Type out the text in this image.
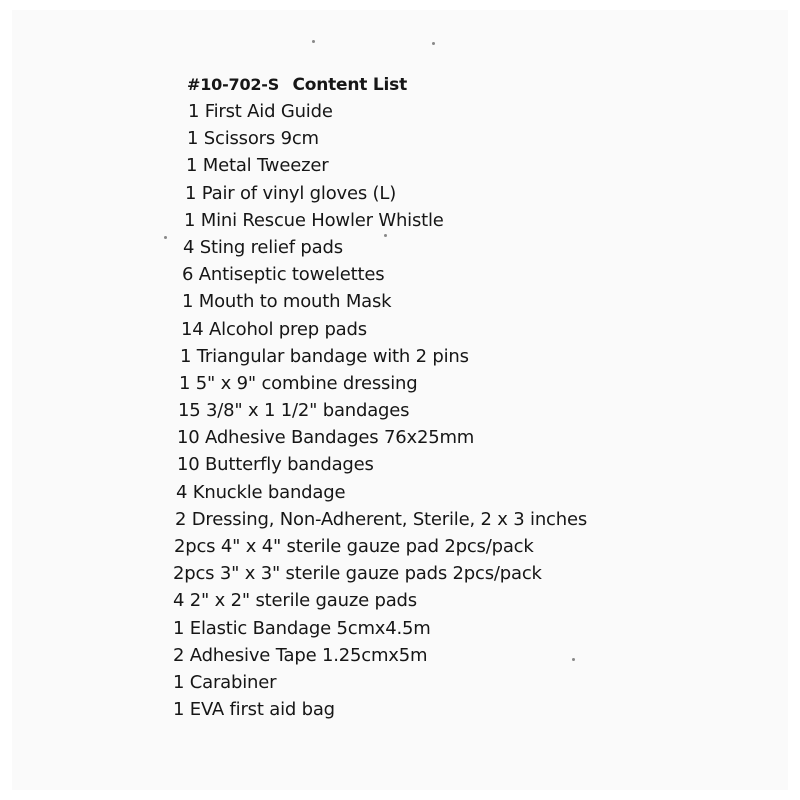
#10-702-S Content List
1 First Aid Guide
1 Scissors 9cm
1 Metal Tweezer
1 Pair of vinyl gloves (L)
1 Mini Rescue Howler Whistle
4 Sting relief pads
6 Antiseptic towelettes
1 Mouth to mouth Mask
14 Alcohol prep pads
1 Triangular bandage with 2 pins
1 5" x 9" combine dressing
15 3/8" x 1 1/2" bandages
10 Adhesive Bandages 76x25mm
10 Butterfly bandages
4 Knuckle bandage
2 Dressing, Non-Adherent, Sterile, 2 x 3 inches
2pcs 4" x 4" sterile gauze pad 2pcs/pack
2pcs 3" x 3" sterile gauze pads 2pcs/pack
4 2" x 2" sterile gauze pads
1 Elastic Bandage 5cmx4.5m
2 Adhesive Tape 1.25cmx5m
1 Carabiner
1 EVA first aid bag
